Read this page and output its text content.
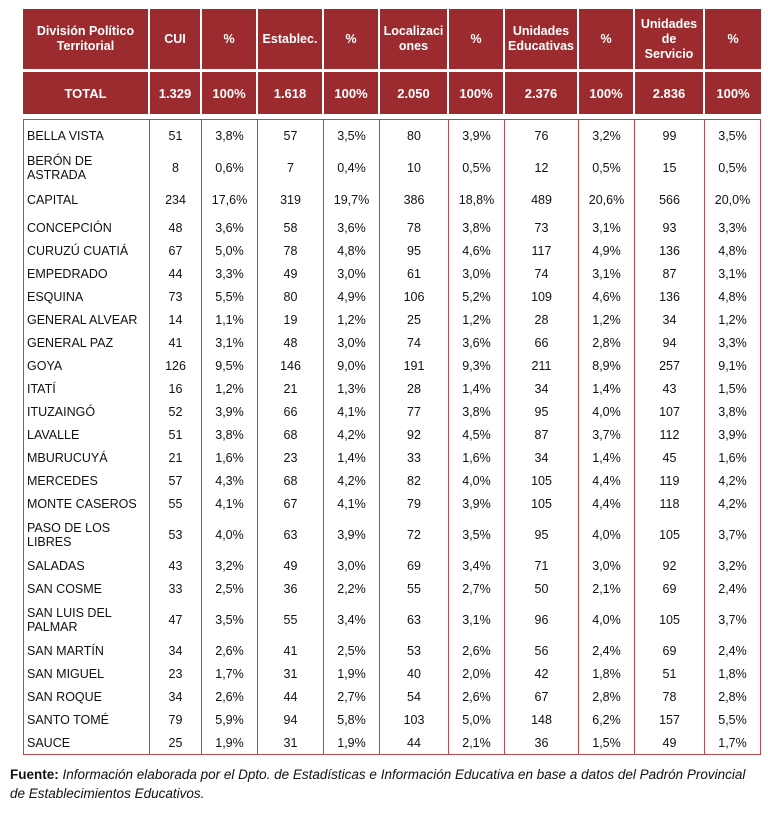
División Político Territorial	CUI	%	Establec.	%	Localizaci ones	%	Unidades Educativas	%	Unidades de Servicio	%
TOTAL	1.329	100%	1.618	100%	2.050	100%	2.376	100%	2.836	100%
BELLA VISTA	51	3,8%	57	3,5%	80	3,9%	76	3,2%	99	3,5%
BERÓN DE ASTRADA	8	0,6%	7	0,4%	10	0,5%	12	0,5%	15	0,5%
CAPITAL	234	17,6%	319	19,7%	386	18,8%	489	20,6%	566	20,0%
CONCEPCIÓN	48	3,6%	58	3,6%	78	3,8%	73	3,1%	93	3,3%
CURUZÚ CUATIÁ	67	5,0%	78	4,8%	95	4,6%	117	4,9%	136	4,8%
EMPEDRADO	44	3,3%	49	3,0%	61	3,0%	74	3,1%	87	3,1%
ESQUINA	73	5,5%	80	4,9%	106	5,2%	109	4,6%	136	4,8%
GENERAL ALVEAR	14	1,1%	19	1,2%	25	1,2%	28	1,2%	34	1,2%
GENERAL PAZ	41	3,1%	48	3,0%	74	3,6%	66	2,8%	94	3,3%
GOYA	126	9,5%	146	9,0%	191	9,3%	211	8,9%	257	9,1%
ITATÍ	16	1,2%	21	1,3%	28	1,4%	34	1,4%	43	1,5%
ITUZAINGÓ	52	3,9%	66	4,1%	77	3,8%	95	4,0%	107	3,8%
LAVALLE	51	3,8%	68	4,2%	92	4,5%	87	3,7%	112	3,9%
MBURUCUYÁ	21	1,6%	23	1,4%	33	1,6%	34	1,4%	45	1,6%
MERCEDES	57	4,3%	68	4,2%	82	4,0%	105	4,4%	119	4,2%
MONTE CASEROS	55	4,1%	67	4,1%	79	3,9%	105	4,4%	118	4,2%
PASO DE LOS LIBRES	53	4,0%	63	3,9%	72	3,5%	95	4,0%	105	3,7%
SALADAS	43	3,2%	49	3,0%	69	3,4%	71	3,0%	92	3,2%
SAN COSME	33	2,5%	36	2,2%	55	2,7%	50	2,1%	69	2,4%
SAN LUIS DEL PALMAR	47	3,5%	55	3,4%	63	3,1%	96	4,0%	105	3,7%
SAN MARTÍN	34	2,6%	41	2,5%	53	2,6%	56	2,4%	69	2,4%
SAN MIGUEL	23	1,7%	31	1,9%	40	2,0%	42	1,8%	51	1,8%
SAN ROQUE	34	2,6%	44	2,7%	54	2,6%	67	2,8%	78	2,8%
SANTO TOMÉ	79	5,9%	94	5,8%	103	5,0%	148	6,2%	157	5,5%
SAUCE	25	1,9%	31	1,9%	44	2,1%	36	1,5%	49	1,7%
Fuente: Información elaborada por el Dpto. de Estadísticas e Información Educativa en base a datos del Padrón Provincial de Establecimientos Educativos.
